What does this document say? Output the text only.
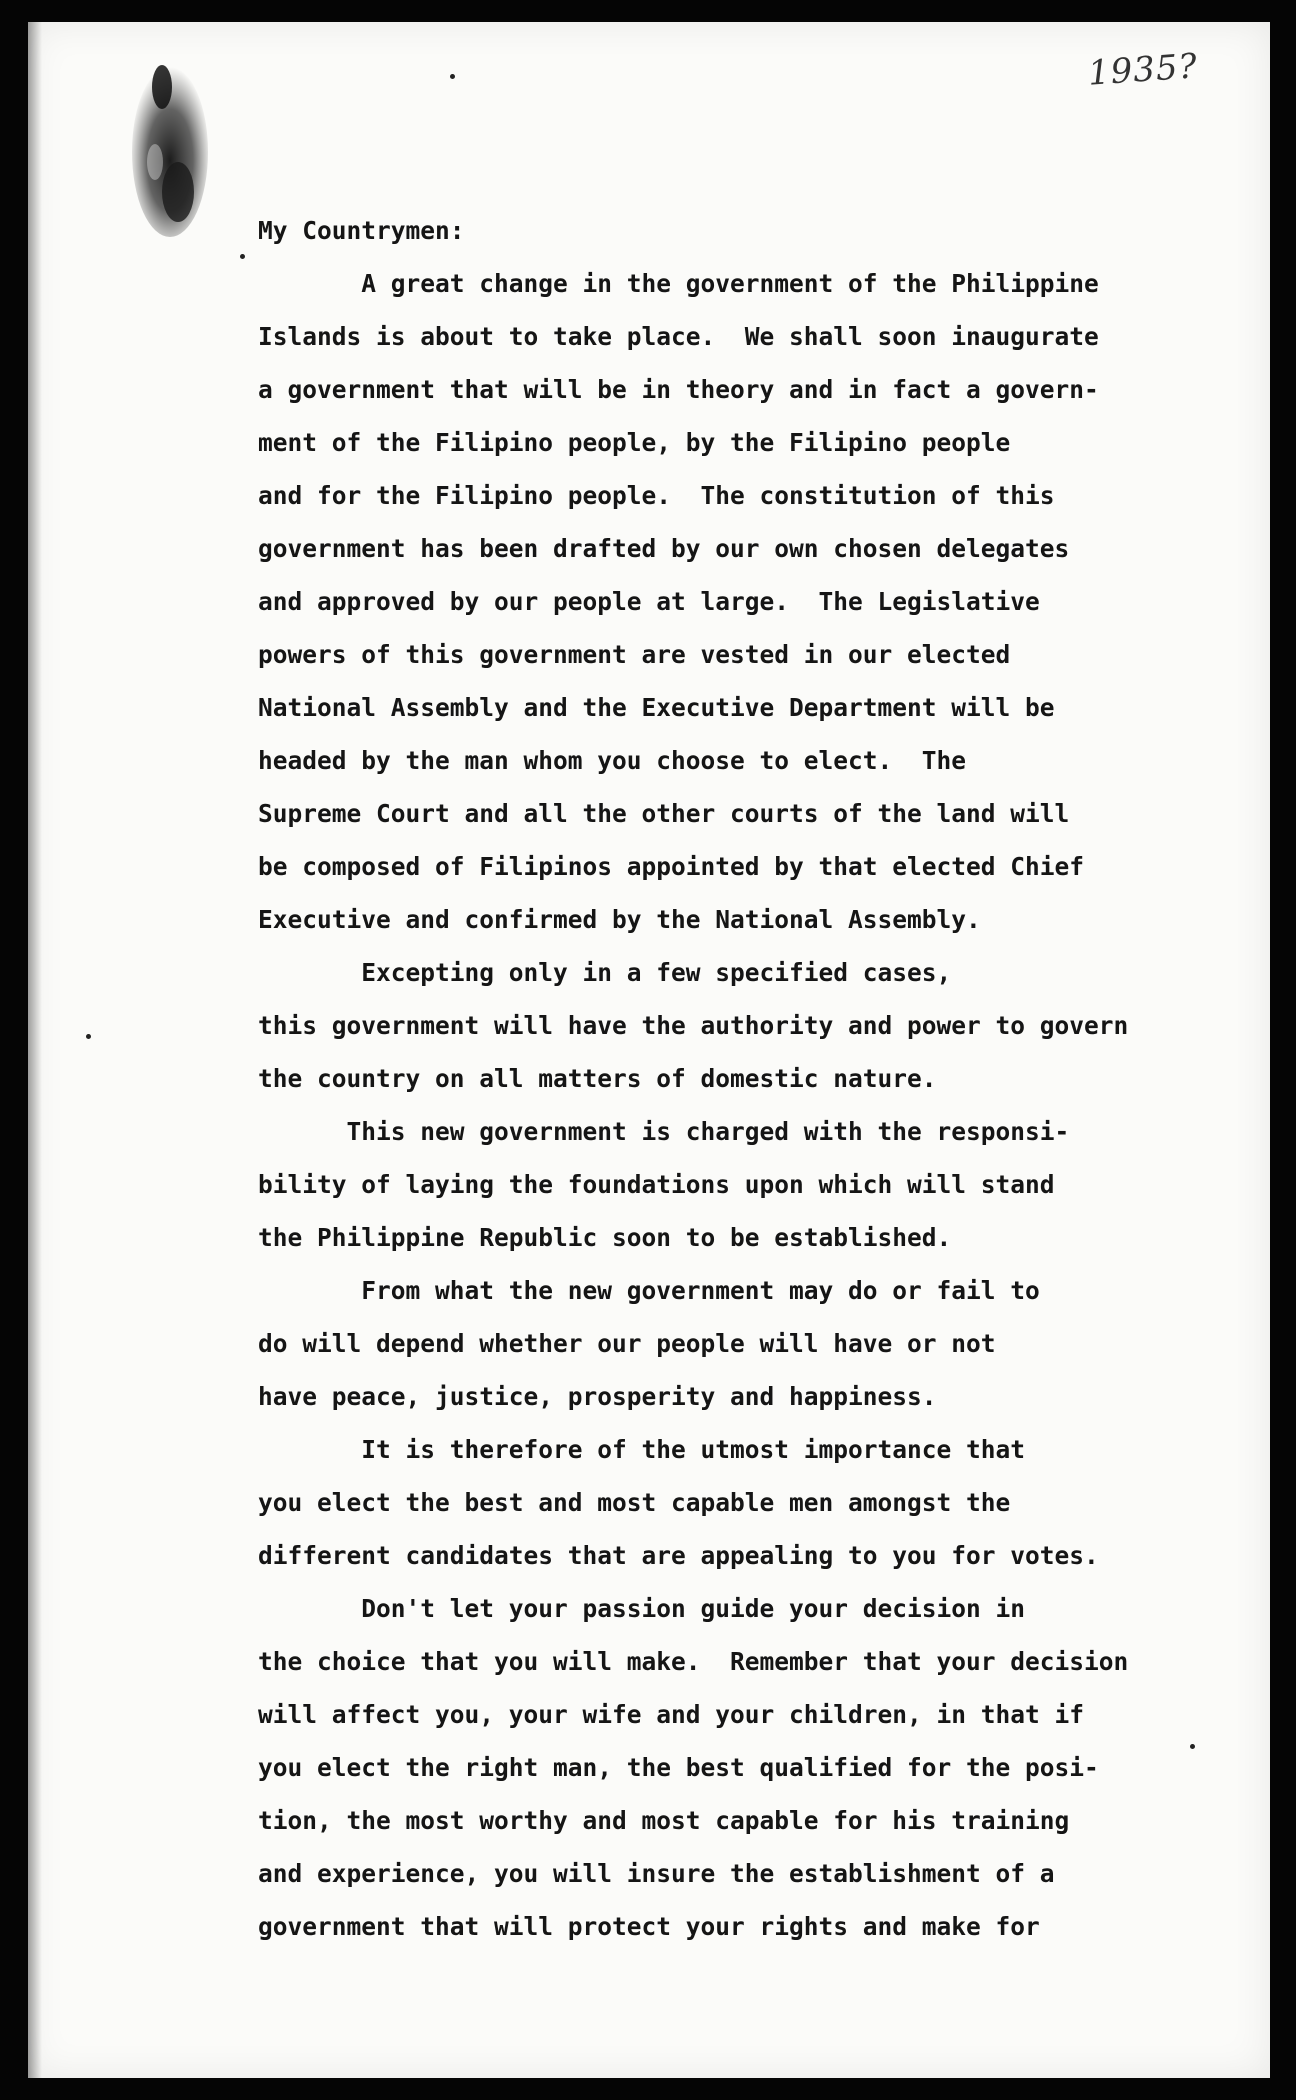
1935?
My Countrymen:
A great change in the government of the Philippine
Islands is about to take place.  We shall soon inaugurate
a government that will be in theory and in fact a govern-
ment of the Filipino people, by the Filipino people
and for the Filipino people.  The constitution of this
government has been drafted by our own chosen delegates
and approved by our people at large.  The Legislative
powers of this government are vested in our elected
National Assembly and the Executive Department will be
headed by the man whom you choose to elect.  The
Supreme Court and all the other courts of the land will
be composed of Filipinos appointed by that elected Chief
Executive and confirmed by the National Assembly.
Excepting only in a few specified cases,
this government will have the authority and power to govern
the country on all matters of domestic nature.
This new government is charged with the responsi-
bility of laying the foundations upon which will stand
the Philippine Republic soon to be established.
From what the new government may do or fail to
do will depend whether our people will have or not
have peace, justice, prosperity and happiness.
It is therefore of the utmost importance that
you elect the best and most capable men amongst the
different candidates that are appealing to you for votes.
Don't let your passion guide your decision in
the choice that you will make.  Remember that your decision
will affect you, your wife and your children, in that if
you elect the right man, the best qualified for the posi-
tion, the most worthy and most capable for his training
and experience, you will insure the establishment of a
government that will protect your rights and make for
